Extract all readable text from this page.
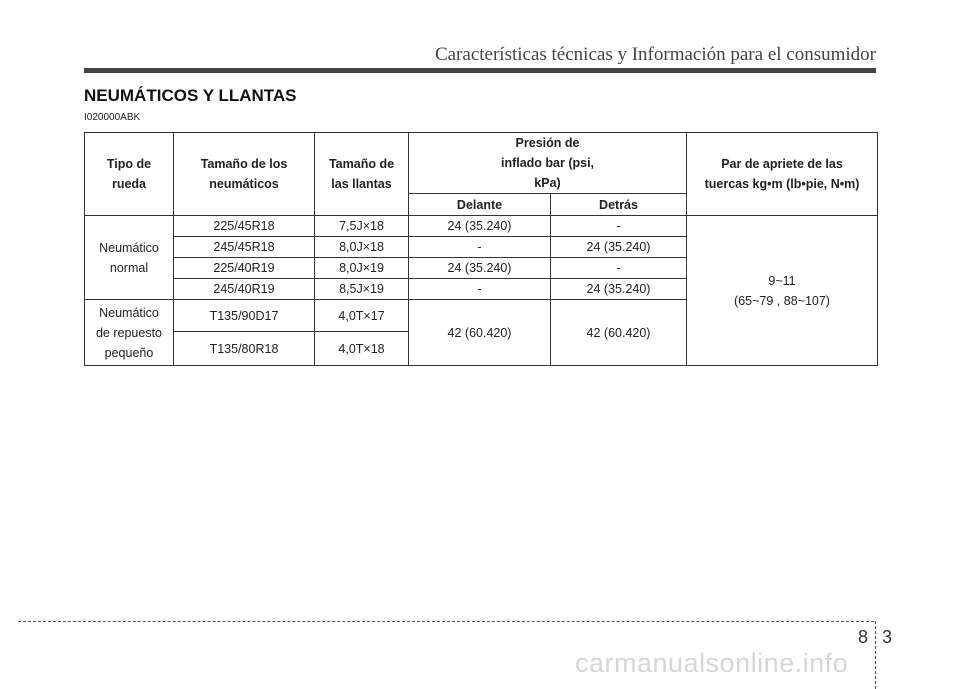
Características técnicas y Información para el consumidor
NEUMÁTICOS Y LLANTAS
I020000ABK
Tipo de rueda	Tamaño de los neumáticos	Tamaño de las llantas	Presión de inflado bar (psi, kPa)		Par de apriete de las tuercas kg•m (lb•pie, N•m)

			Delante	Detrás	

Neumático normal	225/45R18	7,5J×18	24 (35.240)	-	9~11
(65~79 , 88~107)

	245/45R18	8,0J×18	-	24 (35.240)	
	225/40R19	8,0J×19	24 (35.240)	-	
	245/40R19	8,5J×19	-	24 (35.240)	

Neumático de repuesto pequeño	T135/90D17	4,0T×17	42 (60.420)	42 (60.420)	
	T135/80R18	4,0T×18			
8 3
carmanualsonline.info
